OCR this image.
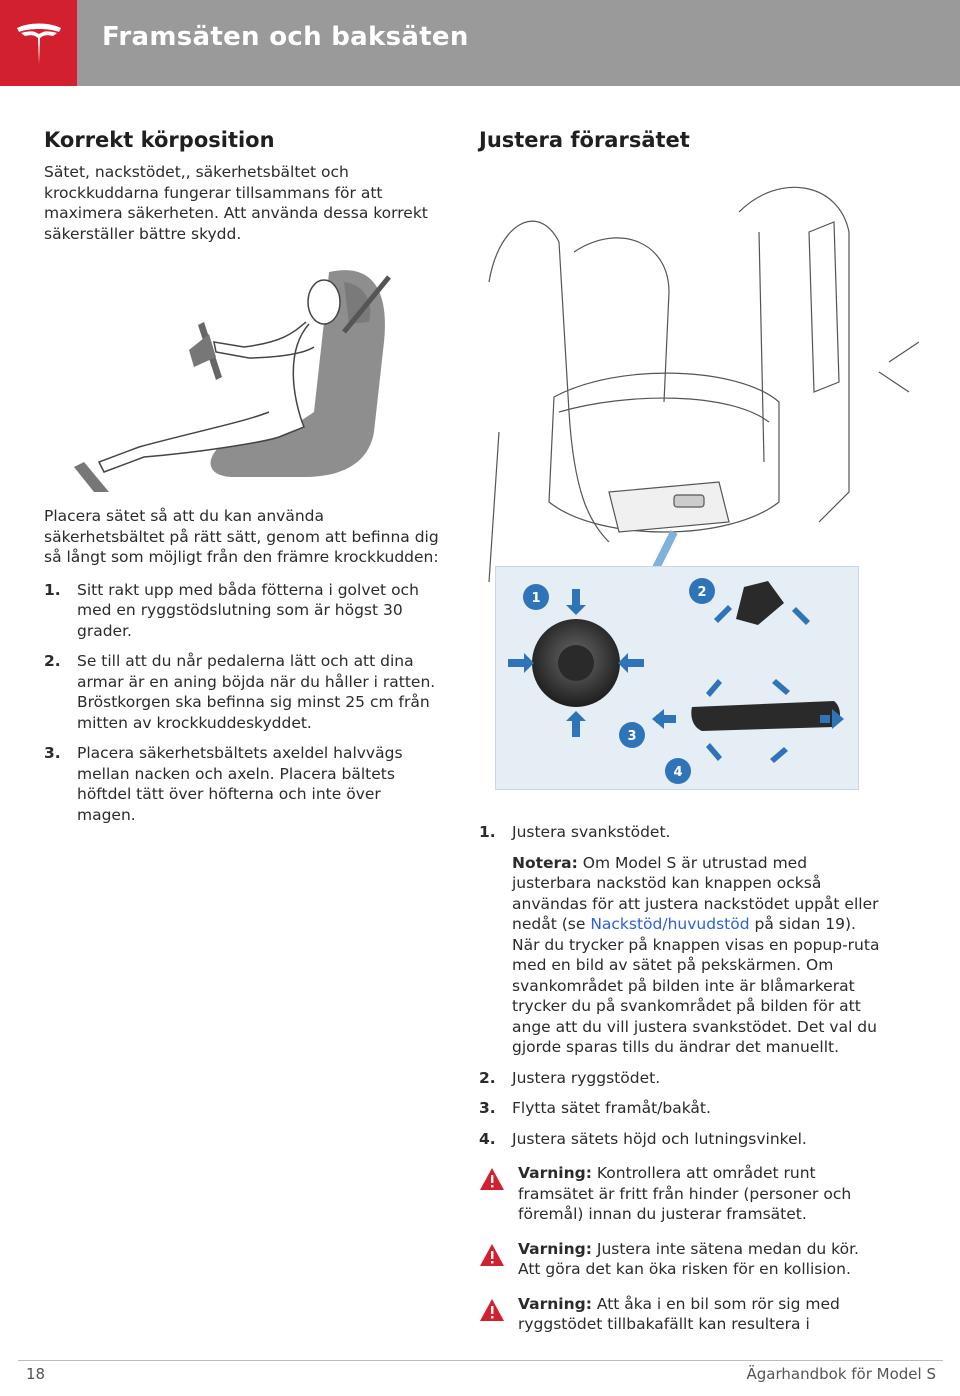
Framsäten och baksäten
Korrekt körposition

Sätet, nackstödet,, säkerhetsbältet och krockkuddarna fungerar tillsammans för att maximera säkerheten. Att använda dessa korrekt säkerställer bättre skydd.

Placera sätet så att du kan använda säkerhetsbältet på rätt sätt, genom att befinna dig så långt som möjligt från den främre krockkudden:

1. Sitt rakt upp med båda fötterna i golvet och med en ryggstödslutning som är högst 30 grader.
2. Se till att du når pedalerna lätt och att dina armar är en aning böjda när du håller i ratten. Bröstkorgen ska befinna sig minst 25 cm från mitten av krockkuddeskyddet.
3. Placera säkerhetsbältets axeldel halvvägs mellan nacken och axeln. Placera bältets höftdel tätt över höfterna och inte över magen.
Justera förarsätet
1	2
3
4
1. Justera svankstödet.

Notera: Om Model S är utrustad med justerbara nackstöd kan knappen också användas för att justera nackstödet uppåt eller nedåt (se Nackstöd/huvudstöd på sidan 19). När du trycker på knappen visas en popup-ruta med en bild av sätet på pekskärmen. Om svankområdet på bilden inte är blåmarkerat trycker du på svankområdet på bilden för att ange att du vill justera svankstödet. Det val du gjorde sparas tills du ändrar det manuellt.

2. Justera ryggstödet.
3. Flytta sätet framåt/bakåt.
4. Justera sätets höjd och lutningsvinkel.
Varning: Kontrollera att området runt framsätet är fritt från hinder (personer och föremål) innan du justerar framsätet.
Varning: Justera inte sätena medan du kör. Att göra det kan öka risken för en kollision.
Varning: Att åka i en bil som rör sig med ryggstödet tillbakafällt kan resultera i
18	Ägarhandbok för Model S
